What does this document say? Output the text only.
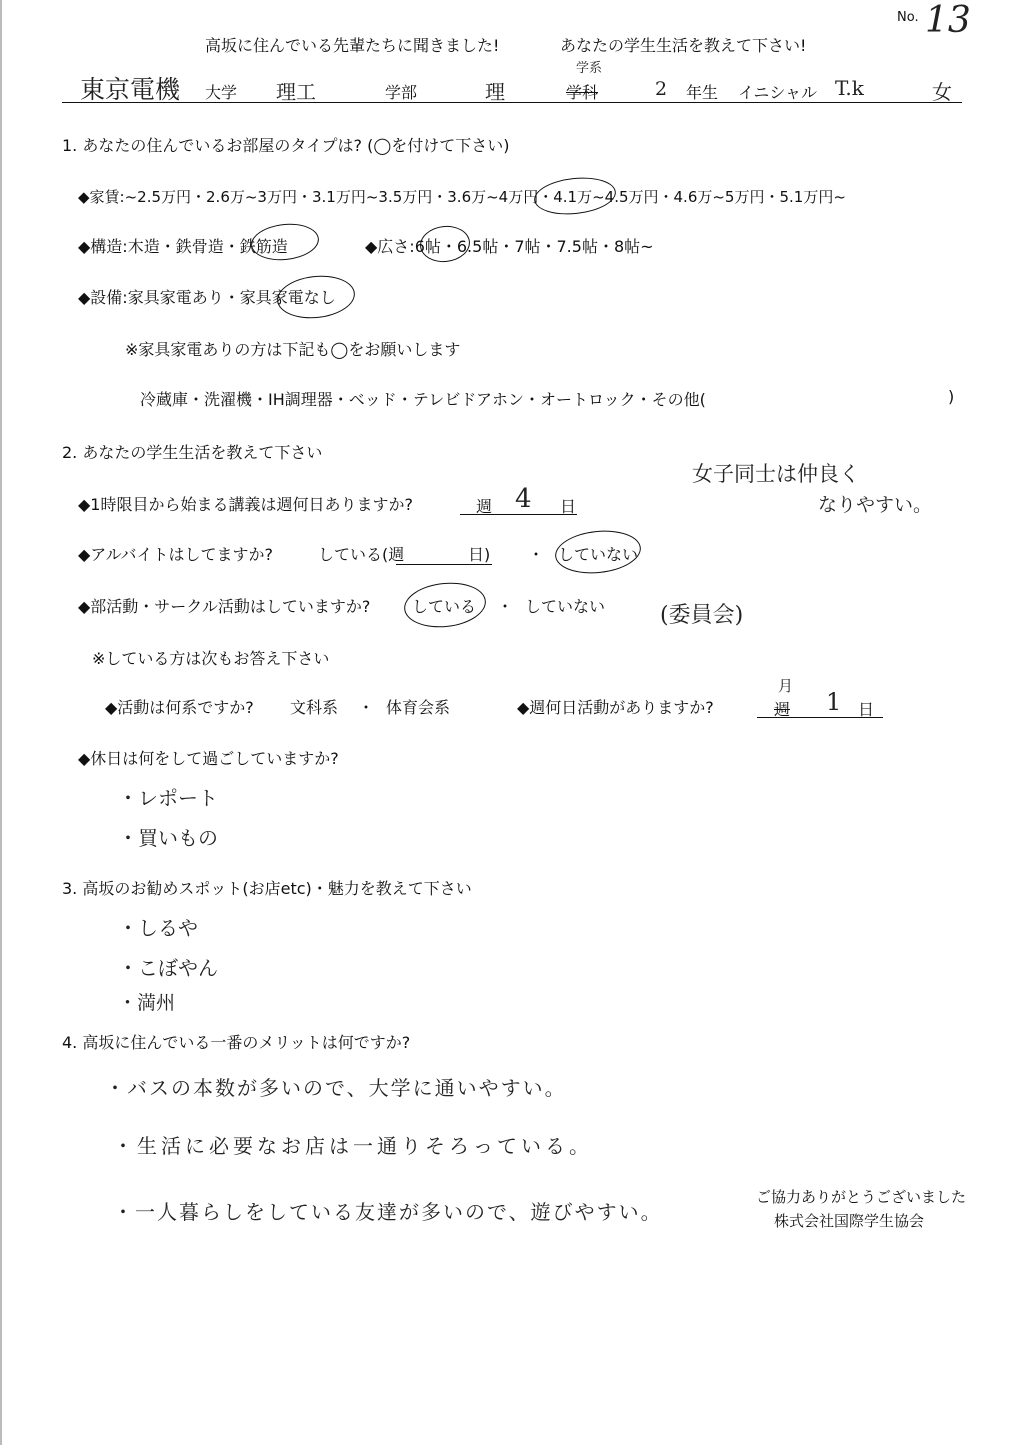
No. 13
高坂に住んでいる先輩たちに聞きました!	あなたの学生生活を教えて下さい!
東京電機 大学 理工	学部	理
学系
学科	2 年生 イニシャル T.k	女
1. あなたの住んでいるお部屋のタイプは? (◯を付けて下さい)
◆家賃:~2.5万円・2.6万~3万円・3.1万円~3.5万円・3.6万~4万円・4.1万~4.5万円・4.6万~5万円・5.1万円~
◆構造:木造・鉄骨造・鉄筋造	◆広さ:6帖・6.5帖・7帖・7.5帖・8帖~
◆設備:家具家電あり・家具家電なし
※家具家電ありの方は下記も◯をお願いします
冷蔵庫・洗濯機・IH調理器・ベッド・テレビドアホン・オートロック・その他(	)
2. あなたの学生生活を教えて下さい
女子同士は仲良く
なりやすい。
◆1時限目から始まる講義は週何日ありますか?	週 4 日
◆アルバイトはしてますか?	している(週	日) ・ していない
◆部活動・サークル活動はしていますか?	している ・ していない (委員会)
※している方は次もお答え下さい
◆活動は何系ですか? 文科系 ・ 体育会系	◆週何日活動がありますか?
月
週 1 日
◆休日は何をして過ごしていますか?
・レポート
・買いもの
3. 高坂のお勧めスポット(お店etc)・魅力を教えて下さい
・しるや
・こぼやん
・満州
4. 高坂に住んでいる一番のメリットは何ですか?
・バスの本数が多いので、大学に通いやすい。
・生活に必要なお店は一通りそろっている。
・一人暮らしをしている友達が多いので、遊びやすい。
ご協力ありがとうございました
株式会社国際学生協会
